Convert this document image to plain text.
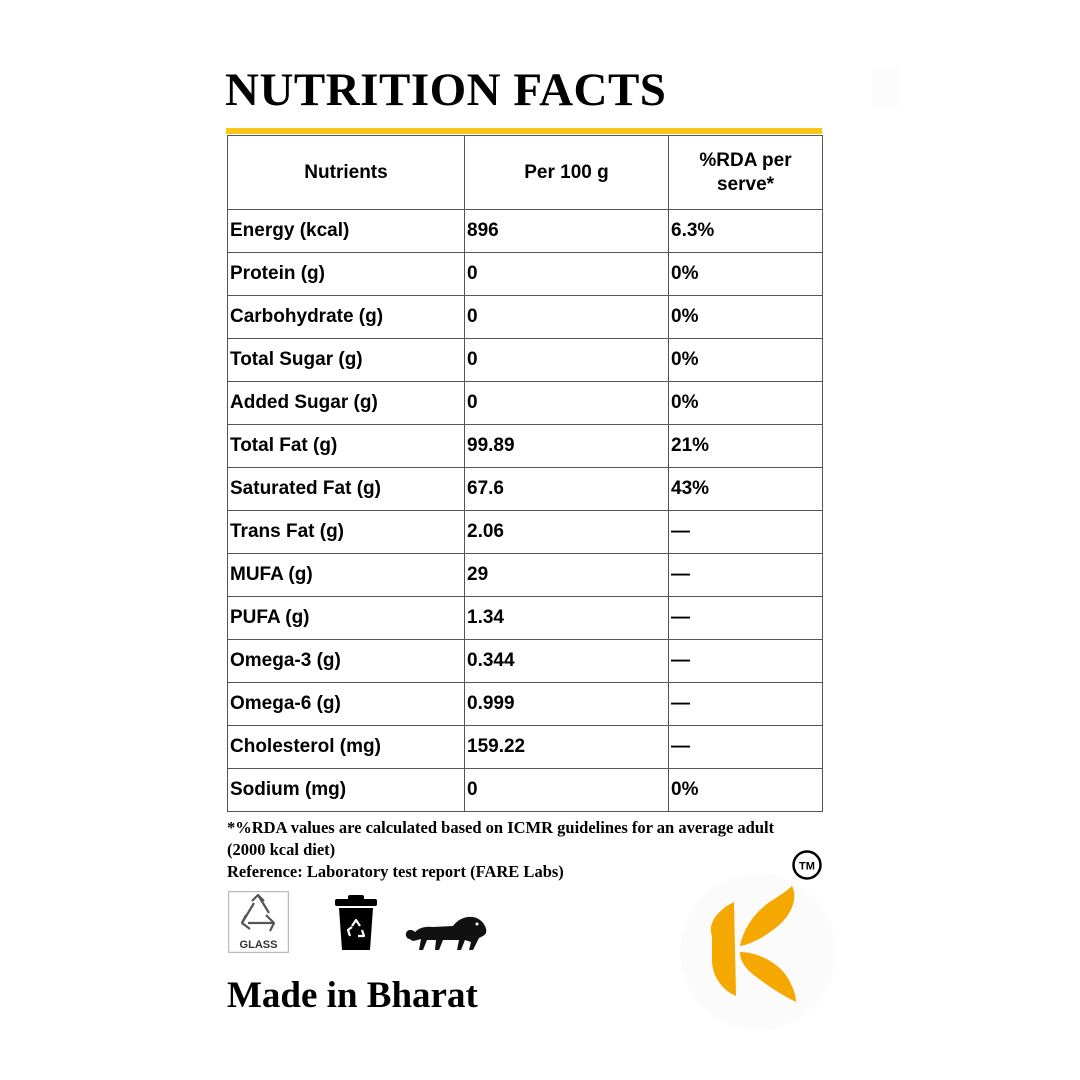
NUTRITION FACTS
Nutrients	Per 100 g	%RDA per serve*
Energy (kcal)	896	6.3%
Protein (g)	0	0%
Carbohydrate (g)	0	0%
Total Sugar (g)	0	0%
Added Sugar (g)	0	0%
Total Fat (g)	99.89	21%
Saturated Fat (g)	67.6	43%
Trans Fat (g)	2.06	—
MUFA (g)	29	—
PUFA (g)	1.34	—
Omega-3 (g)	0.344	—
Omega-6 (g)	0.999	—
Cholesterol (mg)	159.22	—
Sodium (mg)	0	0%
*%RDA values are calculated based on ICMR guidelines for an average adult
(2000 kcal diet)
Reference: Laboratory test report (FARE Labs)
GLASS
TM
Made in Bharat
